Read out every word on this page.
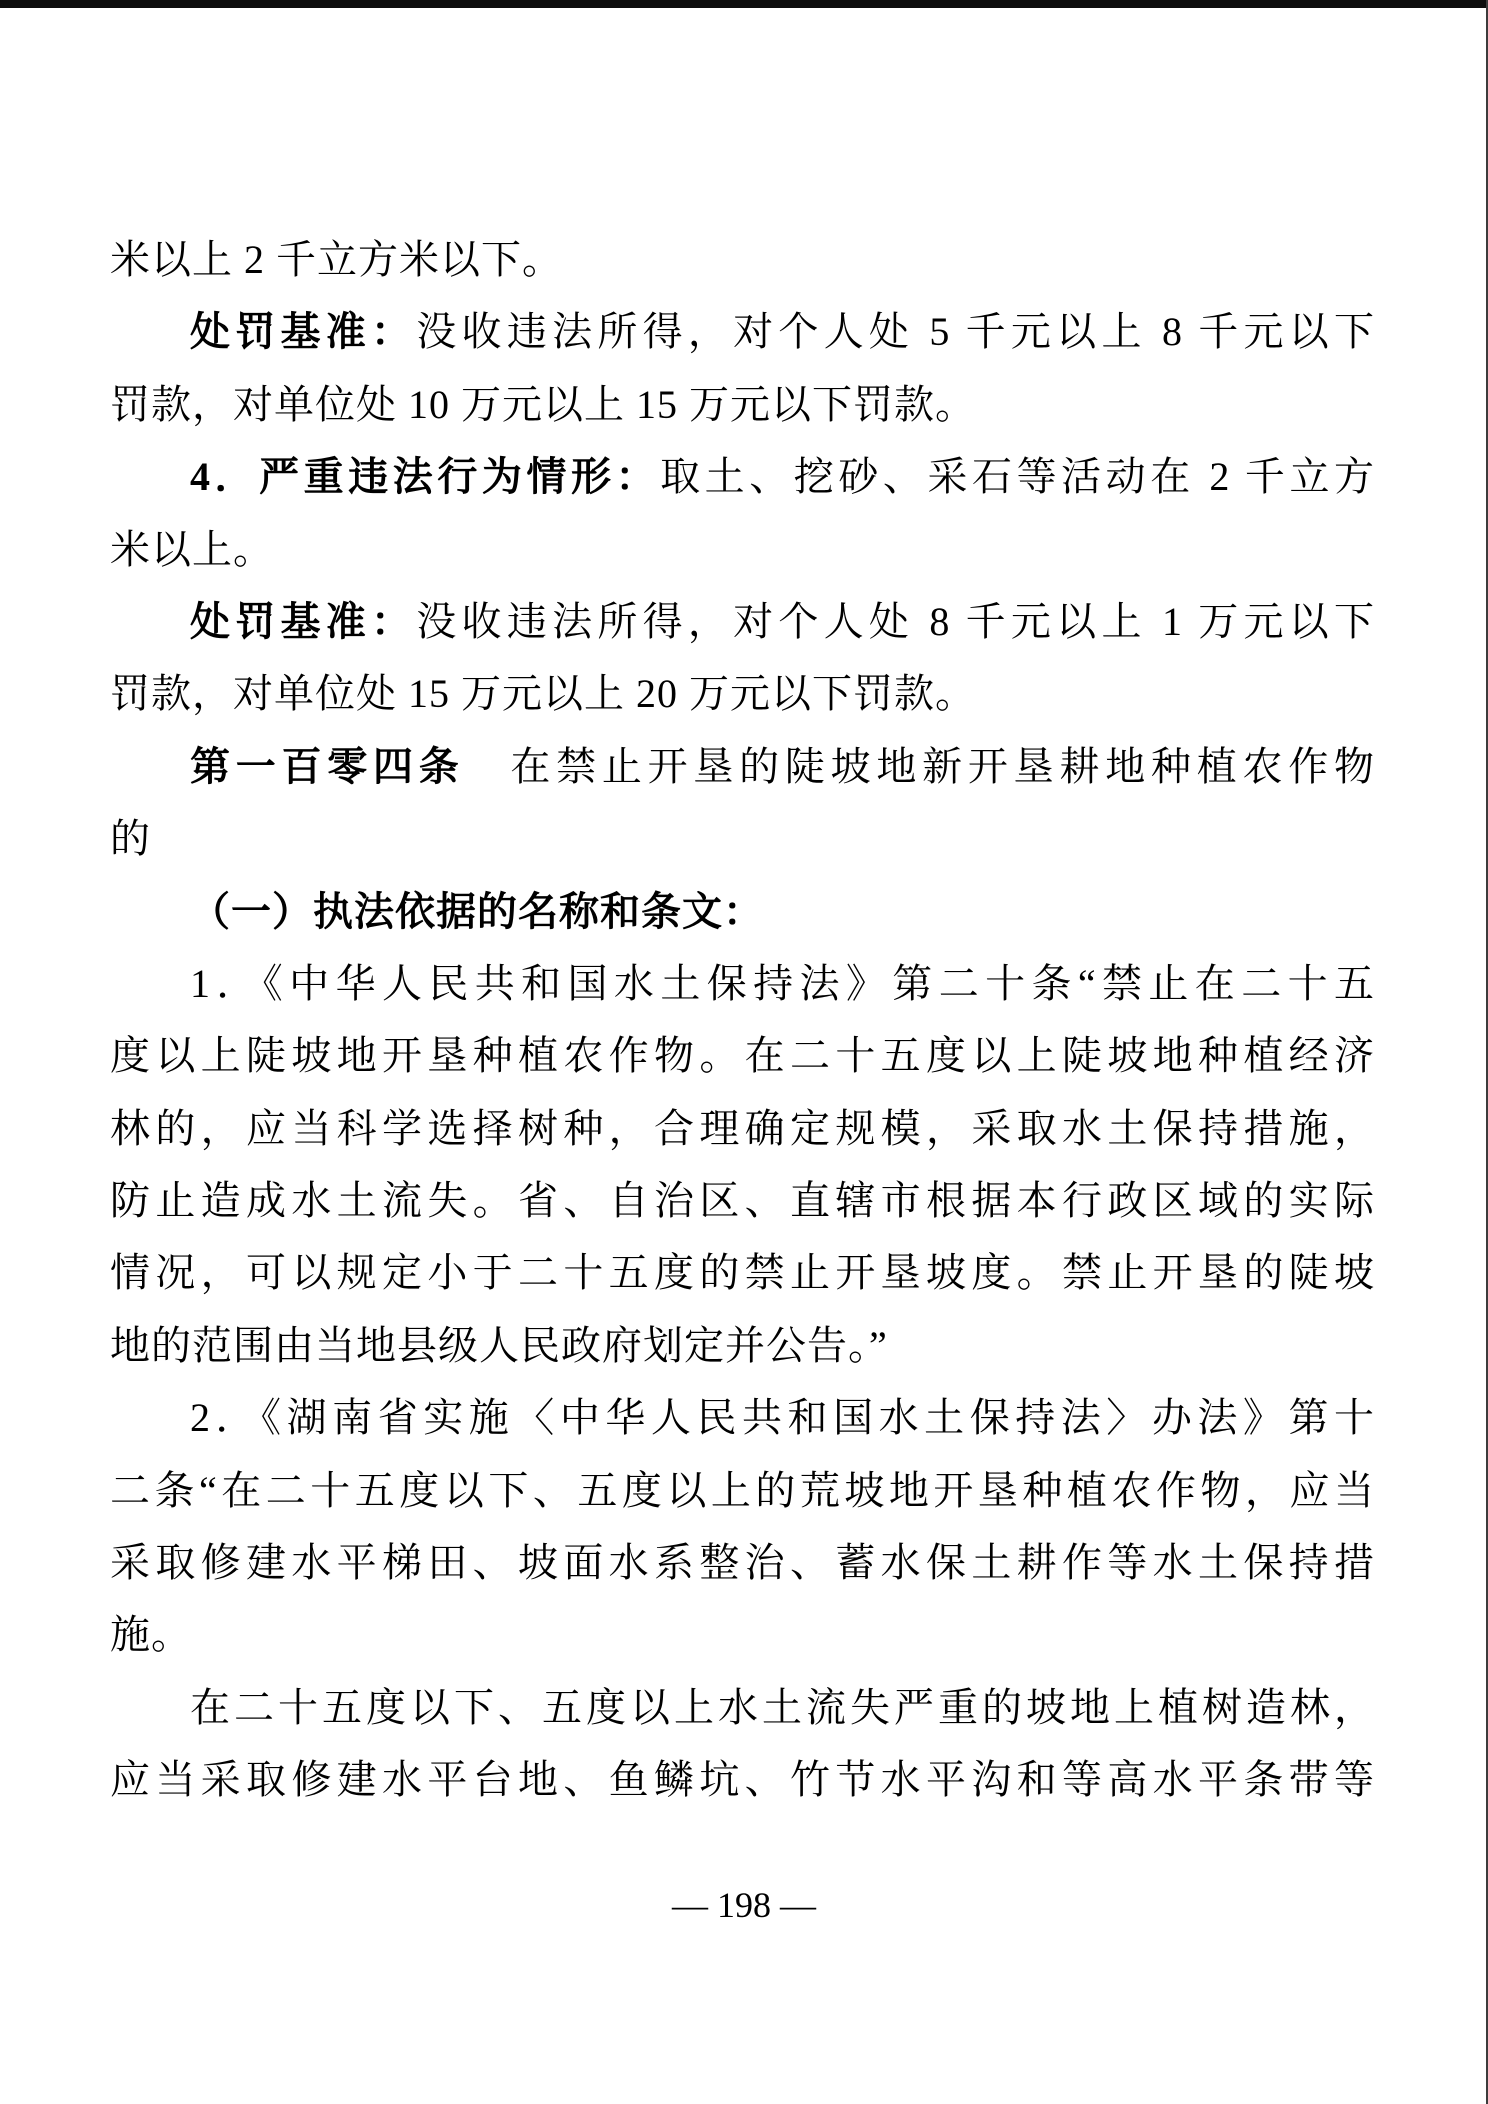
米以上 2 千立方米以下。
处罚基准：没收违法所得，对个人处 5 千元以上 8 千元以下
罚款，对单位处 10 万元以上 15 万元以下罚款。
4．严重违法行为情形：取土、挖砂、采石等活动在 2 千立方
米以上。
处罚基准：没收违法所得，对个人处 8 千元以上 1 万元以下
罚款，对单位处 15 万元以上 20 万元以下罚款。
第一百零四条　在禁止开垦的陡坡地新开垦耕地种植农作物
的
（一）执法依据的名称和条文：
1．《中华人民共和国水土保持法》第二十条“禁止在二十五
度以上陡坡地开垦种植农作物。在二十五度以上陡坡地种植经济
林的，应当科学选择树种，合理确定规模，采取水土保持措施，
防止造成水土流失。省、自治区、直辖市根据本行政区域的实际
情况，可以规定小于二十五度的禁止开垦坡度。禁止开垦的陡坡
地的范围由当地县级人民政府划定并公告。”
2．《湖南省实施〈中华人民共和国水土保持法〉办法》第十
二条“在二十五度以下、五度以上的荒坡地开垦种植农作物，应当
采取修建水平梯田、坡面水系整治、蓄水保土耕作等水土保持措
施。
在二十五度以下、五度以上水土流失严重的坡地上植树造林，
应当采取修建水平台地、鱼鳞坑、竹节水平沟和等高水平条带等
— 198 —
